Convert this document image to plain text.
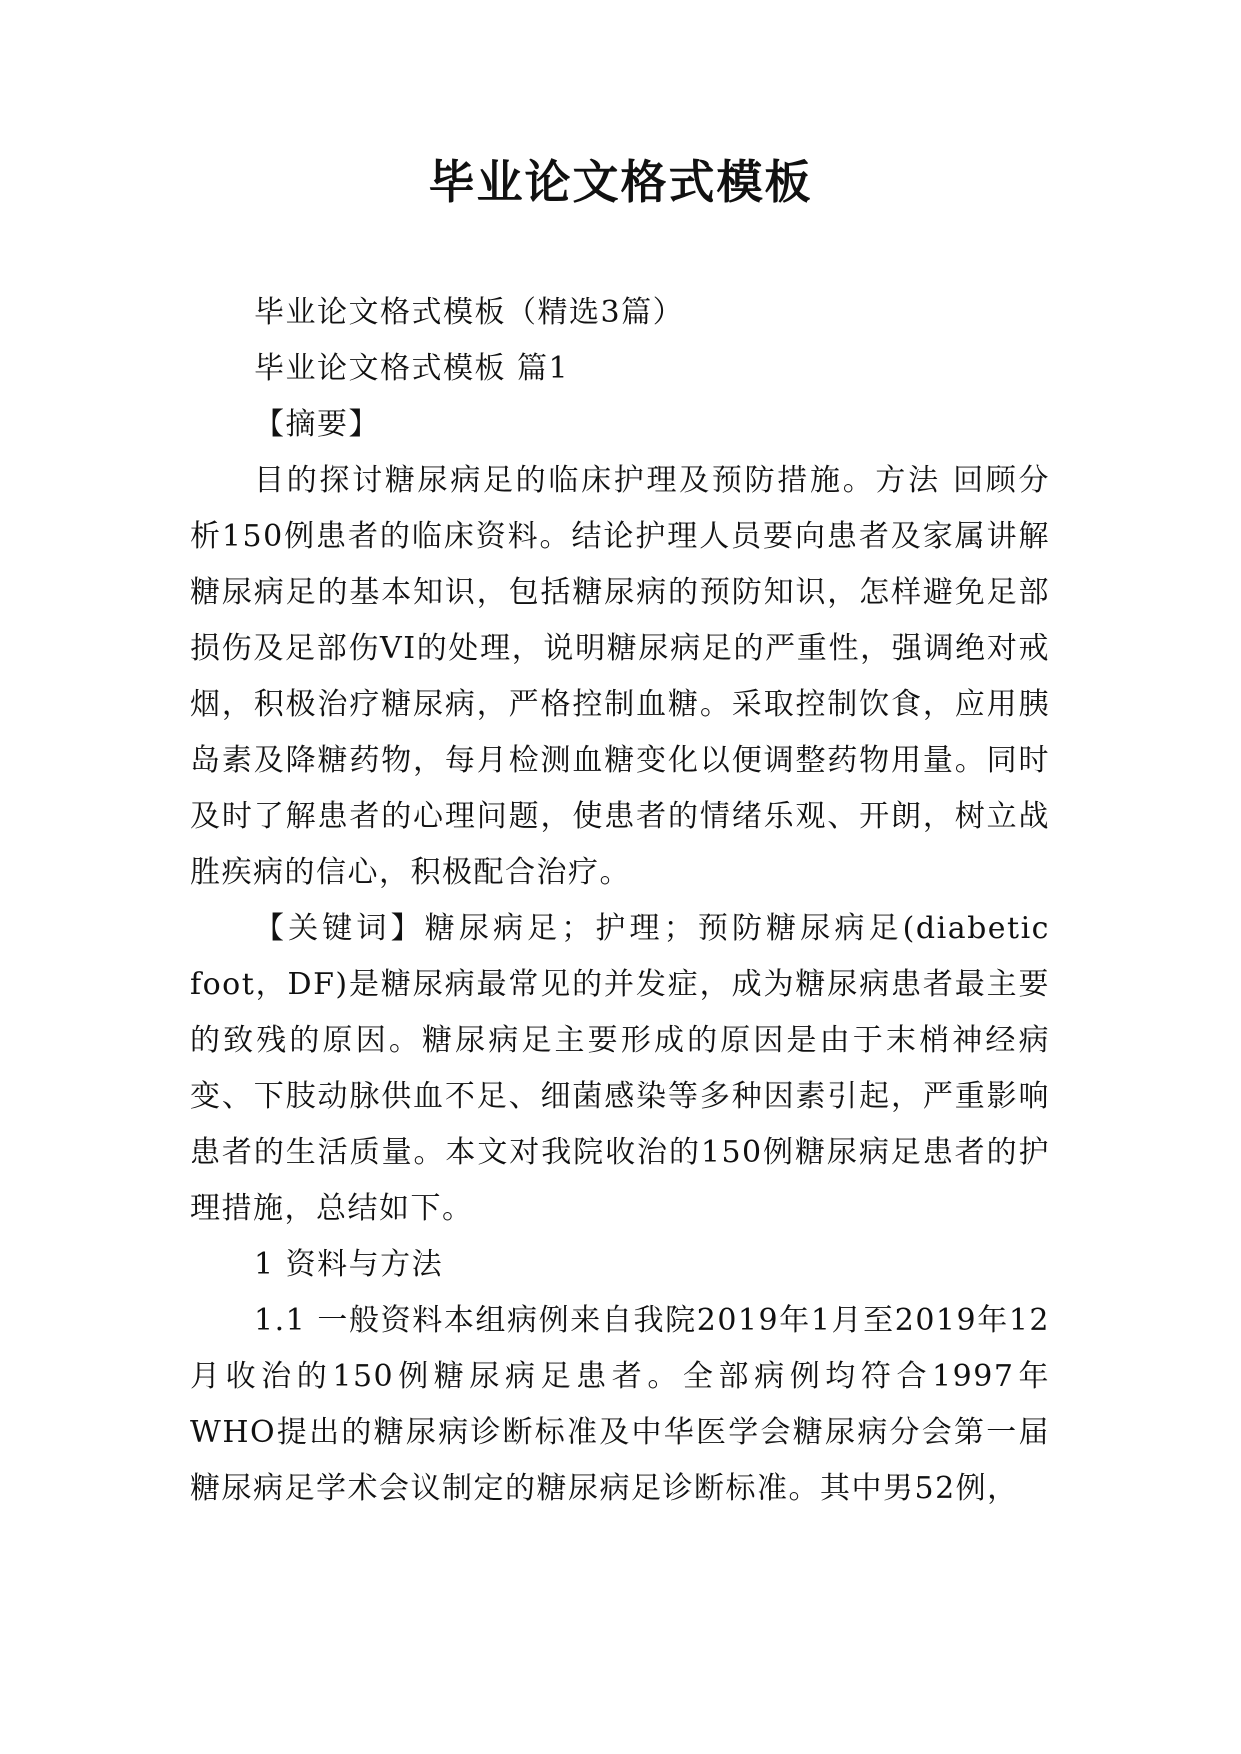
毕业论文格式模板

毕业论文格式模板（精选3篇）

毕业论文格式模板 篇1

【摘要】

目的探讨糖尿病足的临床护理及预防措施。方法 回顾分析150例患者的临床资料。结论护理人员要向患者及家属讲解糖尿病足的基本知识，包括糖尿病的预防知识，怎样避免足部损伤及足部伤VI的处理，说明糖尿病足的严重性，强调绝对戒烟，积极治疗糖尿病，严格控制血糖。采取控制饮食，应用胰岛素及降糖药物，每月检测血糖变化以便调整药物用量。同时及时了解患者的心理问题，使患者的情绪乐观、开朗，树立战胜疾病的信心，积极配合治疗。

【关键词】糖尿病足；护理；预防糖尿病足(diabetic foot，DF)是糖尿病最常见的并发症，成为糖尿病患者最主要的致残的原因。糖尿病足主要形成的原因是由于末梢神经病变、下肢动脉供血不足、细菌感染等多种因素引起，严重影响患者的生活质量。本文对我院收治的150例糖尿病足患者的护理措施，总结如下。

1 资料与方法

1.1 一般资料本组病例来自我院2019年1月至2019年12月收治的150例糖尿病足患者。全部病例均符合1997年WHO提出的糖尿病诊断标准及中华医学会糖尿病分会第一届糖尿病足学术会议制定的糖尿病足诊断标准。其中男52例，
